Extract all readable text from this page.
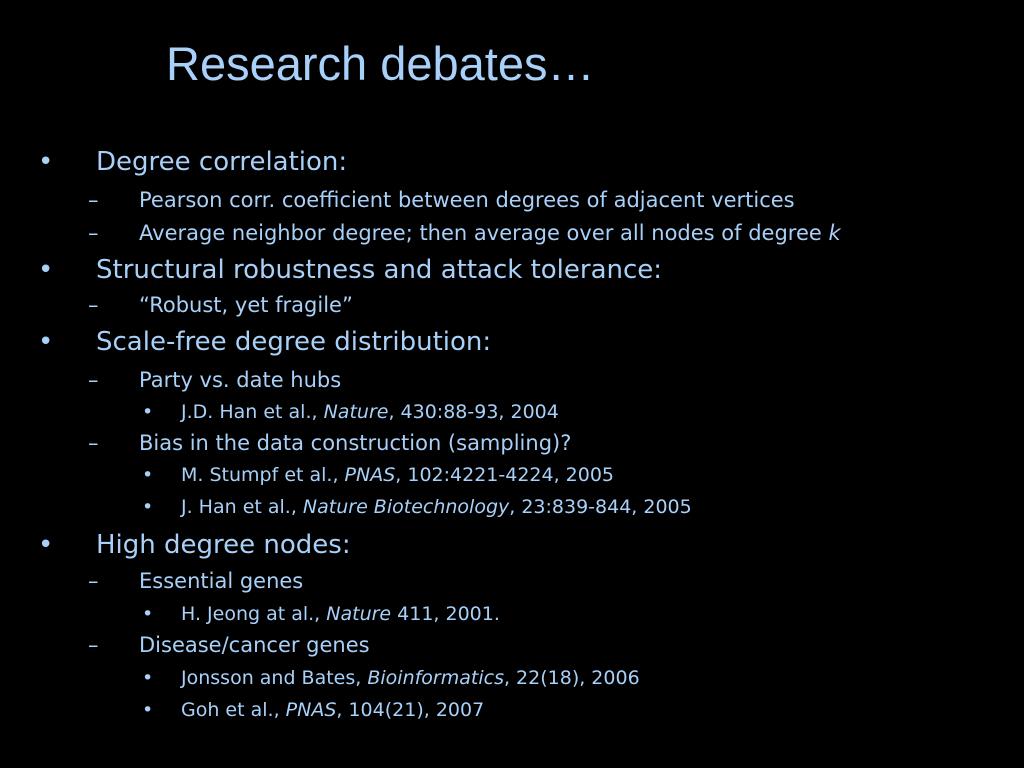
Research debates…
• Degree correlation:
– Pearson corr. coefficient between degrees of adjacent vertices
– Average neighbor degree; then average over all nodes of degree k
• Structural robustness and attack tolerance:
– “Robust, yet fragile”
• Scale-free degree distribution:
– Party vs. date hubs
• J.D. Han et al., Nature, 430:88-93, 2004
– Bias in the data construction (sampling)?
• M. Stumpf et al., PNAS, 102:4221-4224, 2005
• J. Han et al., Nature Biotechnology, 23:839-844, 2005
• High degree nodes:
– Essential genes
• H. Jeong at al., Nature 411, 2001.
– Disease/cancer genes
• Jonsson and Bates, Bioinformatics, 22(18), 2006
• Goh et al., PNAS, 104(21), 2007
